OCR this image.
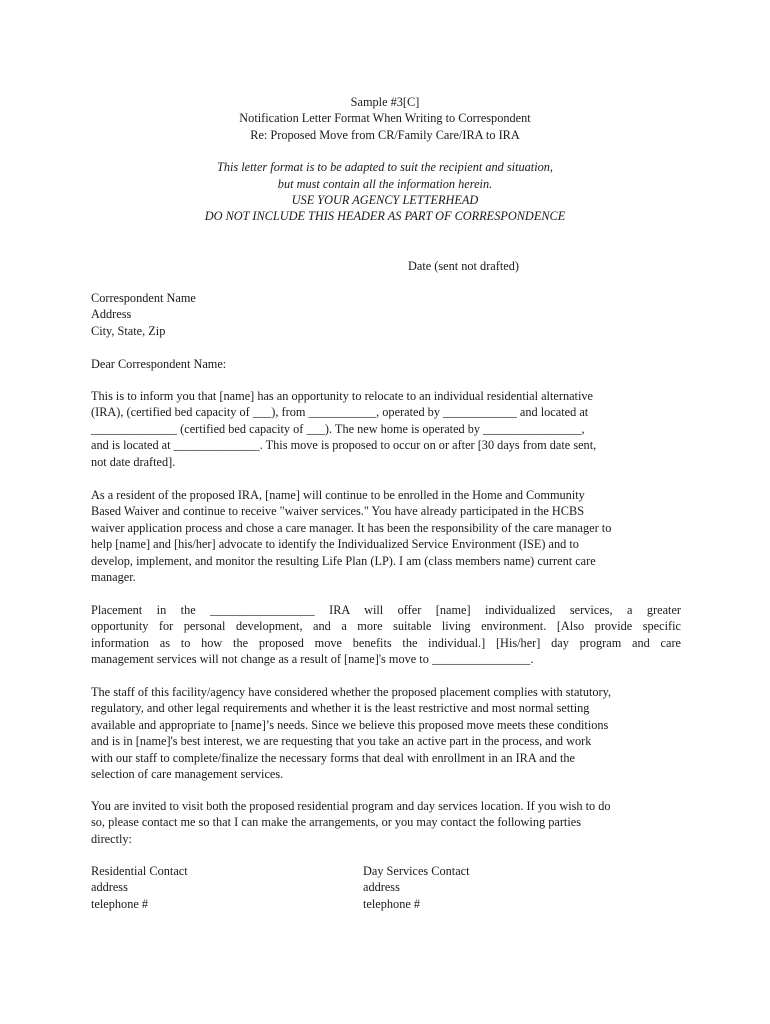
Sample #3[C]
Notification Letter Format When Writing to Correspondent
Re: Proposed Move from CR/Family Care/IRA to IRA
This letter format is to be adapted to suit the recipient and situation,
but must contain all the information herein.
USE YOUR AGENCY LETTERHEAD
DO NOT INCLUDE THIS HEADER AS PART OF CORRESPONDENCE
Date (sent not drafted)
Correspondent Name
Address
City, State, Zip
Dear Correspondent Name:
This is to inform you that [name] has an opportunity to relocate to an individual residential alternative
(IRA), (certified bed capacity of ___), from ___________, operated by ____________ and located at
______________ (certified bed capacity of ___). The new home is operated by ________________,
and is located at ______________. This move is proposed to occur on or after [30 days from date sent,
not date drafted].
As a resident of the proposed IRA, [name] will continue to be enrolled in the Home and Community
Based Waiver and continue to receive "waiver services." You have already participated in the HCBS
waiver application process and chose a care manager. It has been the responsibility of the care manager to
help [name] and [his/her] advocate to identify the Individualized Service Environment (ISE) and to
develop, implement, and monitor the resulting Life Plan (LP). I am (class members name) current care
manager.
Placement in the _________________ IRA will offer [name] individualized services, a greater
opportunity for personal development, and a more suitable living environment. [Also provide specific
information as to how the proposed move benefits the individual.] [His/her] day program and care
management services will not change as a result of [name]'s move to ________________.
The staff of this facility/agency have considered whether the proposed placement complies with statutory,
regulatory, and other legal requirements and whether it is the least restrictive and most normal setting
available and appropriate to [name]’s needs. Since we believe this proposed move meets these conditions
and is in [name]'s best interest, we are requesting that you take an active part in the process, and work
with our staff to complete/finalize the necessary forms that deal with enrollment in an IRA and the
selection of care management services.
You are invited to visit both the proposed residential program and day services location. If you wish to do
so, please contact me so that I can make the arrangements, or you may contact the following parties
directly:
Residential Contact
address
telephone #
Day Services Contact
address
telephone #
